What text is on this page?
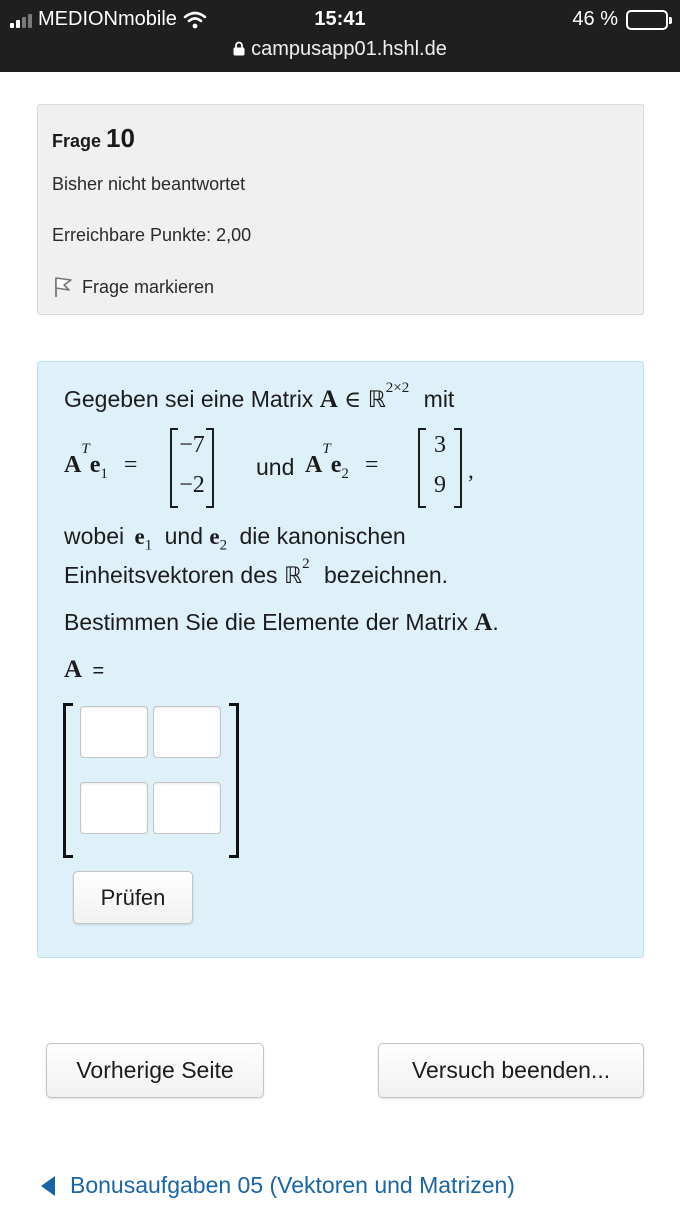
MEDIONmobile	15:41	46 %
campusapp01.hshl.de
Frage 10
Bisher nicht beantwortet
Erreichbare Punkte: 2,00
Frage markieren
Gegeben sei eine Matrix A ∈ ℝ$^{2\times 2}$ mit
$A^Te_1$ =
−7
−2
und $A^Te_2$ =
3
9
,
wobei $e_1$ und $e_2$ die kanonischen
Einheitsvektoren des ℝ$^2$ bezeichnen.
Bestimmen Sie die Elemente der Matrix A.
A =
Prüfen
Vorherige Seite	Versuch beenden...
Bonusaufgaben 05 (Vektoren und Matrizen)
